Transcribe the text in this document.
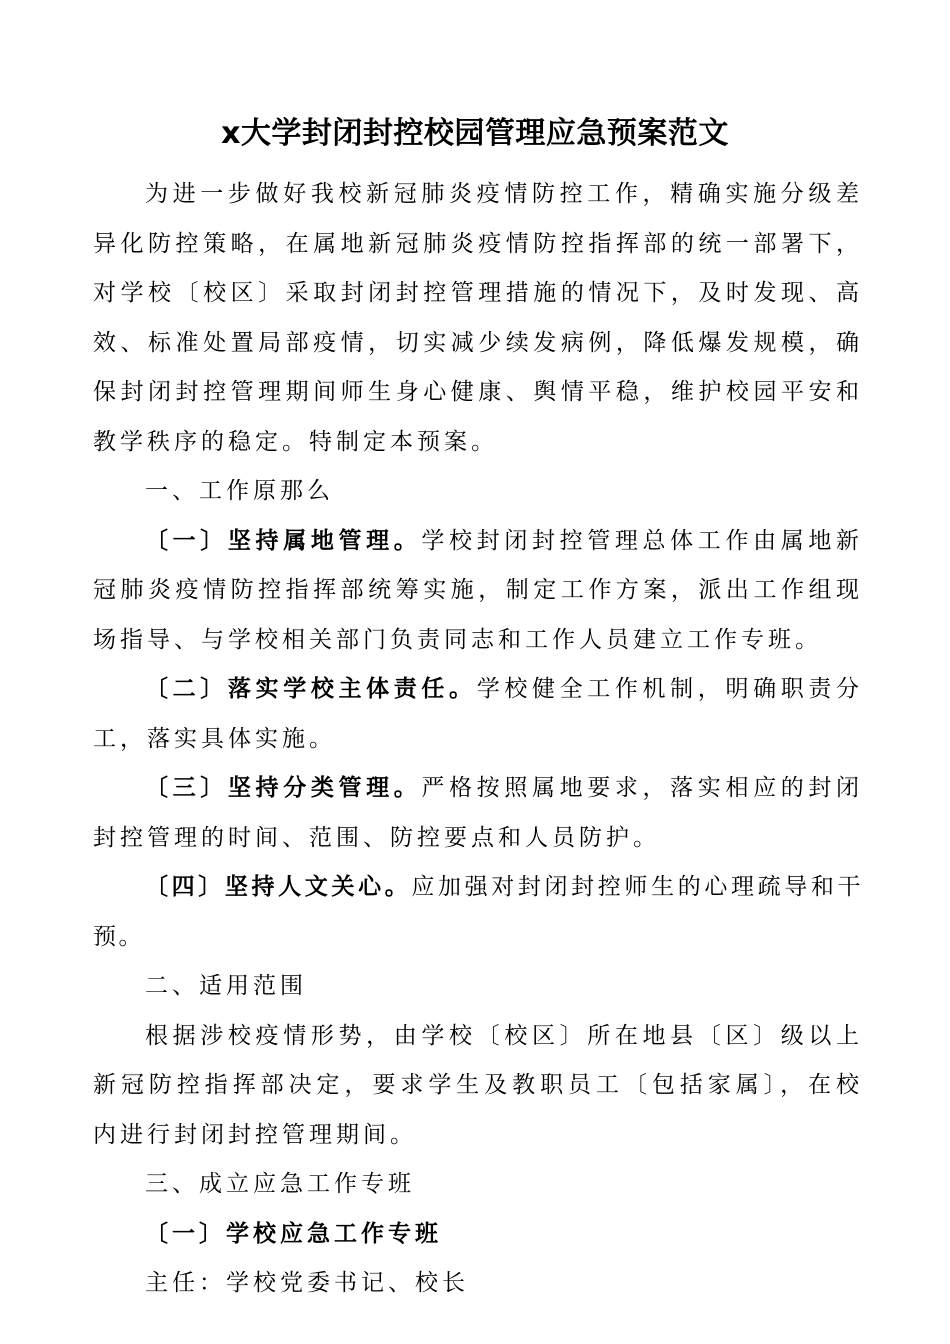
x大学封闭封控校园管理应急预案范文

为进一步做好我校新冠肺炎疫情防控工作，精确实施分级差异化防控策略，在属地新冠肺炎疫情防控指挥部的统一部署下，对学校〔校区〕采取封闭封控管理措施的情况下，及时发现、高效、标准处置局部疫情，切实减少续发病例，降低爆发规模，确保封闭封控管理期间师生身心健康、舆情平稳，维护校园平安和教学秩序的稳定。特制定本预案。

一、工作原那么

〔一〕坚持属地管理。学校封闭封控管理总体工作由属地新冠肺炎疫情防控指挥部统筹实施，制定工作方案，派出工作组现场指导、与学校相关部门负责同志和工作人员建立工作专班。

〔二〕落实学校主体责任。学校健全工作机制，明确职责分工，落实具体实施。

〔三〕坚持分类管理。严格按照属地要求，落实相应的封闭封控管理的时间、范围、防控要点和人员防护。

〔四〕坚持人文关心。应加强对封闭封控师生的心理疏导和干预。

二、适用范围

根据涉校疫情形势，由学校〔校区〕所在地县〔区〕级以上新冠防控指挥部决定，要求学生及教职员工〔包括家属〕，在校内进行封闭封控管理期间。

三、成立应急工作专班

〔一〕学校应急工作专班

主任：学校党委书记、校长
